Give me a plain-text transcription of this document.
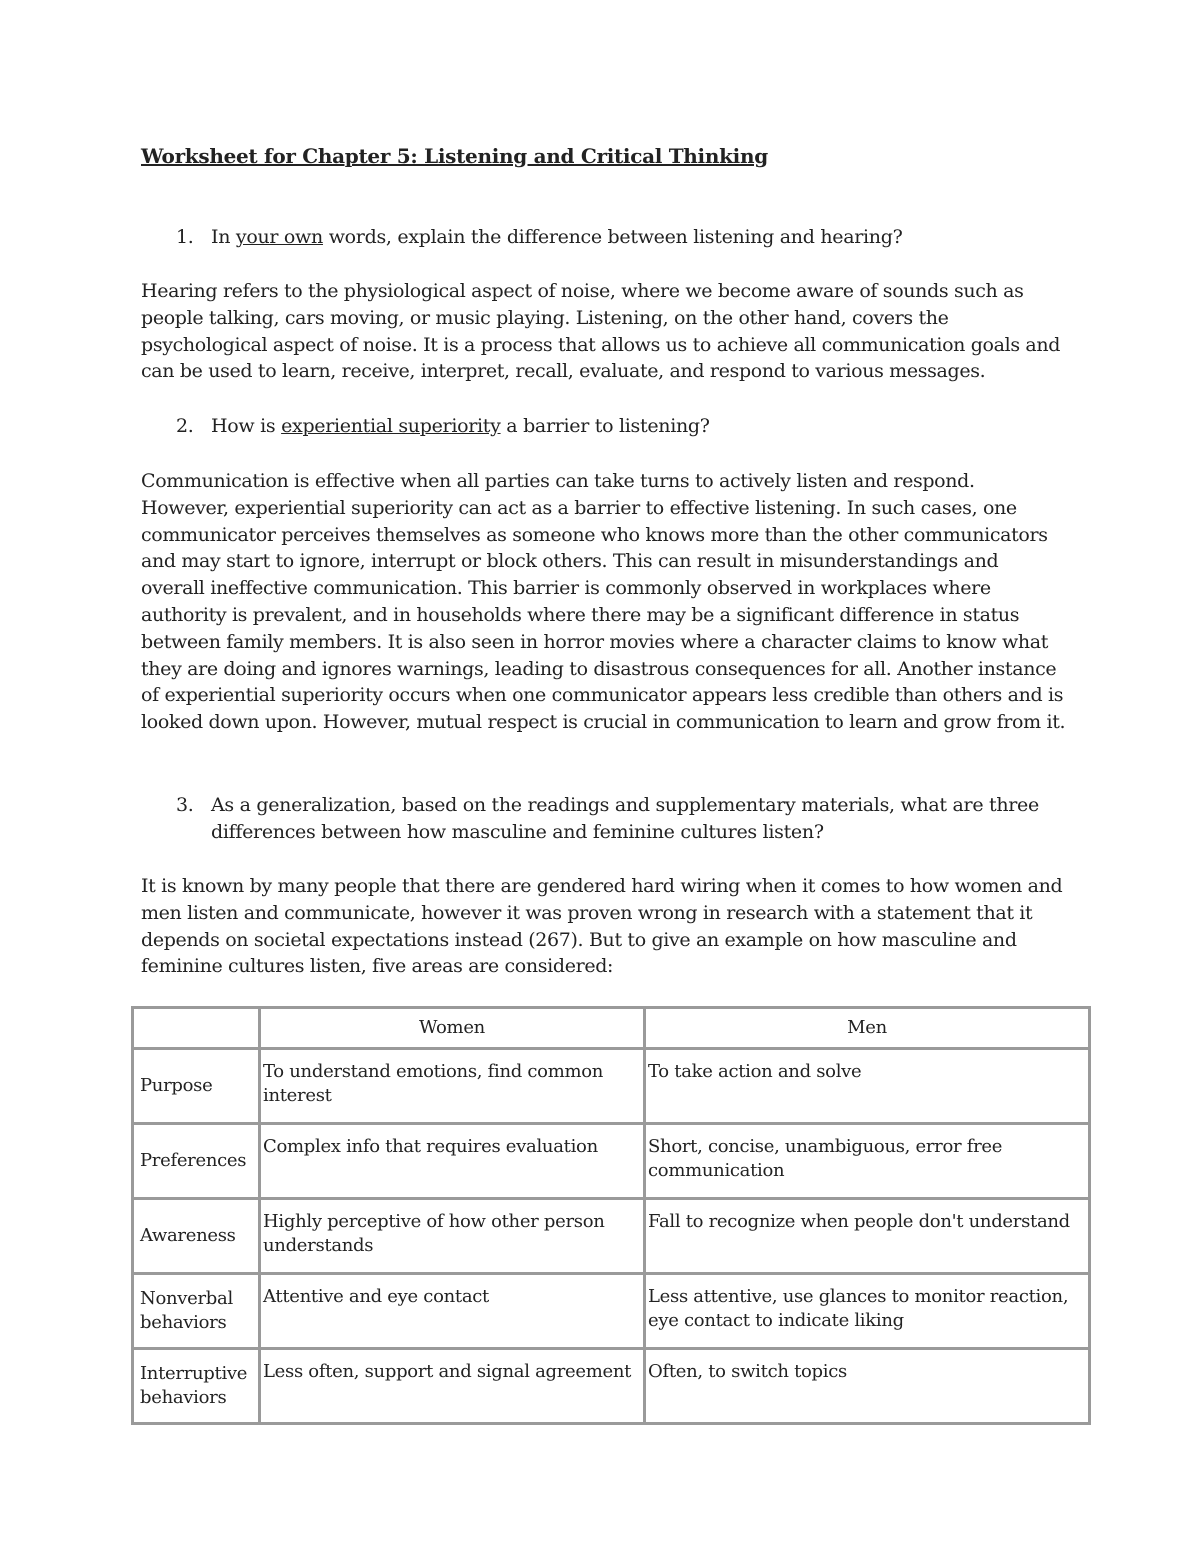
Worksheet for Chapter 5: Listening and Critical Thinking
1. In your own words, explain the difference between listening and hearing?

Hearing refers to the physiological aspect of noise, where we become aware of sounds such as people talking, cars moving, or music playing. Listening, on the other hand, covers the psychological aspect of noise. It is a process that allows us to achieve all communication goals and can be used to learn, receive, interpret, recall, evaluate, and respond to various messages.

2. How is experiential superiority a barrier to listening?

Communication is effective when all parties can take turns to actively listen and respond. However, experiential superiority can act as a barrier to effective listening. In such cases, one communicator perceives themselves as someone who knows more than the other communicators and may start to ignore, interrupt or block others. This can result in misunderstandings and overall ineffective communication. This barrier is commonly observed in workplaces where authority is prevalent, and in households where there may be a significant difference in status between family members. It is also seen in horror movies where a character claims to know what they are doing and ignores warnings, leading to disastrous consequences for all. Another instance of experiential superiority occurs when one communicator appears less credible than others and is looked down upon. However, mutual respect is crucial in communication to learn and grow from it.

3. As a generalization, based on the readings and supplementary materials, what are three differences between how masculine and feminine cultures listen?

It is known by many people that there are gendered hard wiring when it comes to how women and men listen and communicate, however it was proven wrong in research with a statement that it depends on societal expectations instead (267). But to give an example on how masculine and feminine cultures listen, five areas are considered:

	Women	Men
Purpose	To understand emotions, find common interest	To take action and solve
Preferences	Complex info that requires evaluation	Short, concise, unambiguous, error free communication
Awareness	Highly perceptive of how other person understands	Fall to recognize when people don't understand
Nonverbal behaviors	Attentive and eye contact	Less attentive, use glances to monitor reaction, eye contact to indicate liking
Interruptive behaviors	Less often, support and signal agreement	Often, to switch topics
